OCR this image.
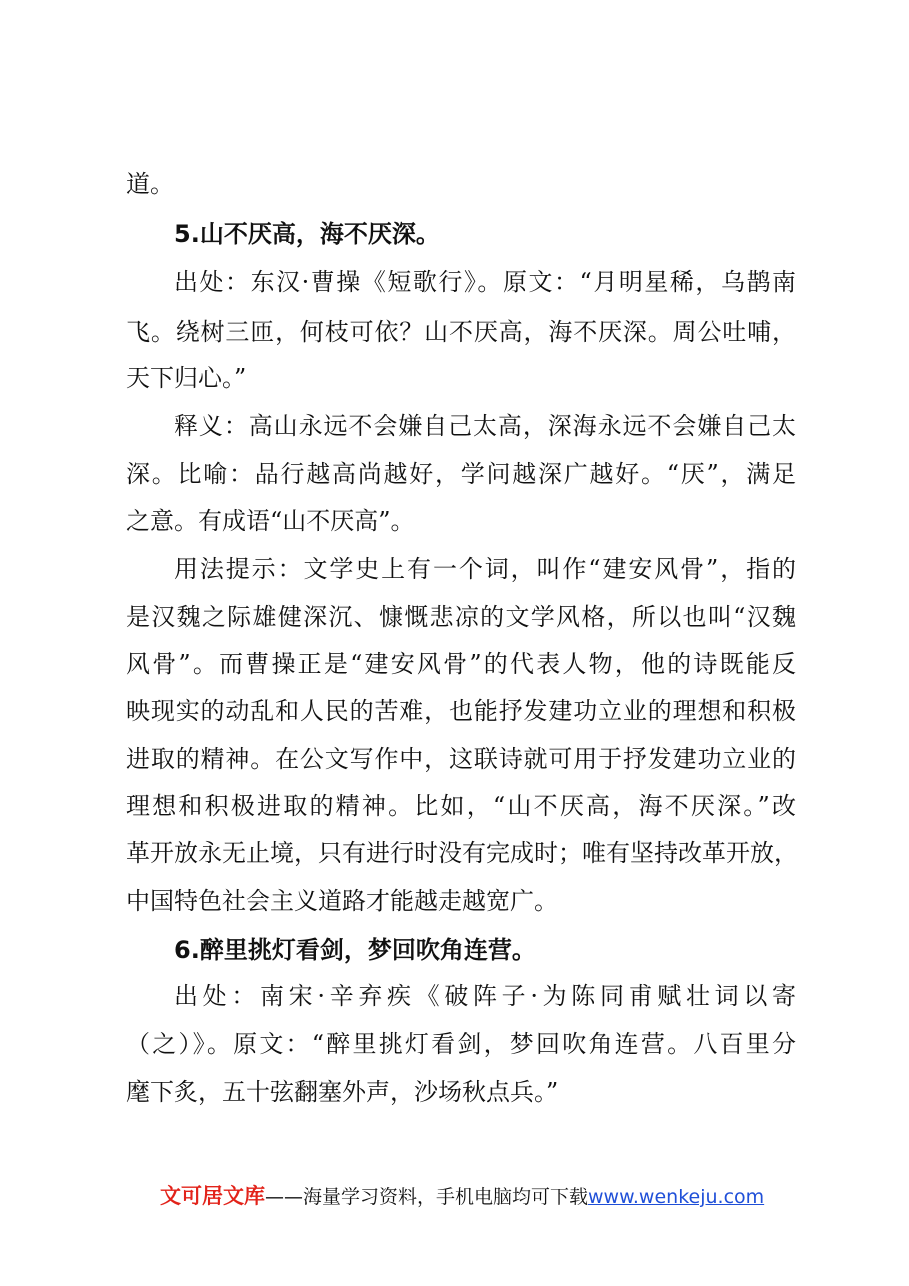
道。
5.山不厌高，海不厌深。
出处：东汉·曹操《短歌行》。原文：“月明星稀，乌鹊南
飞。绕树三匝，何枝可依？山不厌高，海不厌深。周公吐哺，
天下归心。”
释义：高山永远不会嫌自己太高，深海永远不会嫌自己太
深。比喻：品行越高尚越好，学问越深广越好。“厌”，满足
之意。有成语“山不厌高”。
用法提示：文学史上有一个词，叫作“建安风骨”，指的
是汉魏之际雄健深沉、慷慨悲凉的文学风格，所以也叫“汉魏
风骨”。而曹操正是“建安风骨”的代表人物，他的诗既能反
映现实的动乱和人民的苦难，也能抒发建功立业的理想和积极
进取的精神。在公文写作中，这联诗就可用于抒发建功立业的
理想和积极进取的精神。比如，“山不厌高，海不厌深。”改
革开放永无止境，只有进行时没有完成时；唯有坚持改革开放，
中国特色社会主义道路才能越走越宽广。
6.醉里挑灯看剑，梦回吹角连营。
出处：南宋·辛弃疾《破阵子·为陈同甫赋壮词以寄
（之）》。原文：“醉里挑灯看剑，梦回吹角连营。八百里分
麾下炙，五十弦翻塞外声，沙场秋点兵。”
文可居文库——海量学习资料，手机电脑均可下载www.wenkeju.com
